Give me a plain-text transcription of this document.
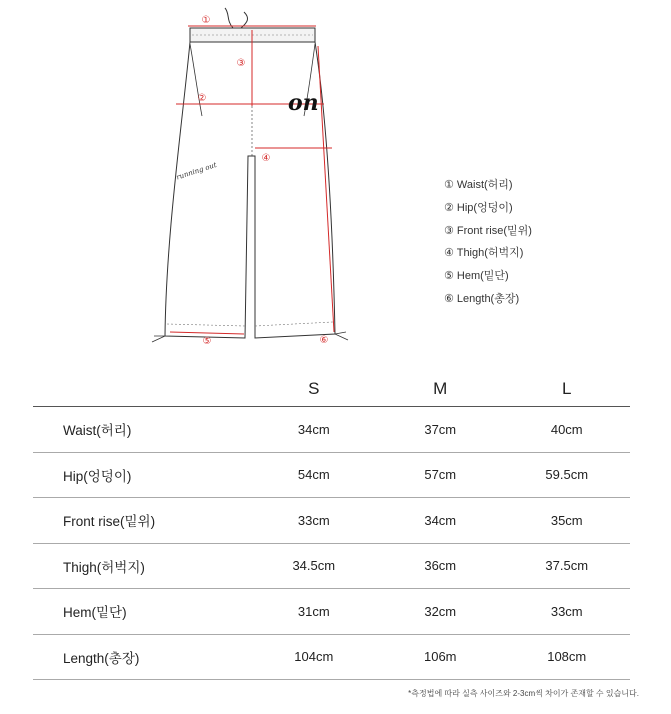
①
②
③
④
⑤	⑥
on
running out
① Waist(허리)
② Hip(엉덩이)
③ Front rise(밑위)
④ Thigh(허벅지)
⑤ Hem(밑단)
⑥ Length(총장)
	S	M	L
Waist(허리)	34cm	37cm	40cm
Hip(엉덩이)	54cm	57cm	59.5cm
Front rise(밑위)	33cm	34cm	35cm
Thigh(허벅지)	34.5cm	36cm	37.5cm
Hem(밑단)	31cm	32cm	33cm
Length(총장)	104cm	106m	108cm
*측정법에 따라 실측 사이즈와 2-3cm씩 차이가 존재할 수 있습니다.
